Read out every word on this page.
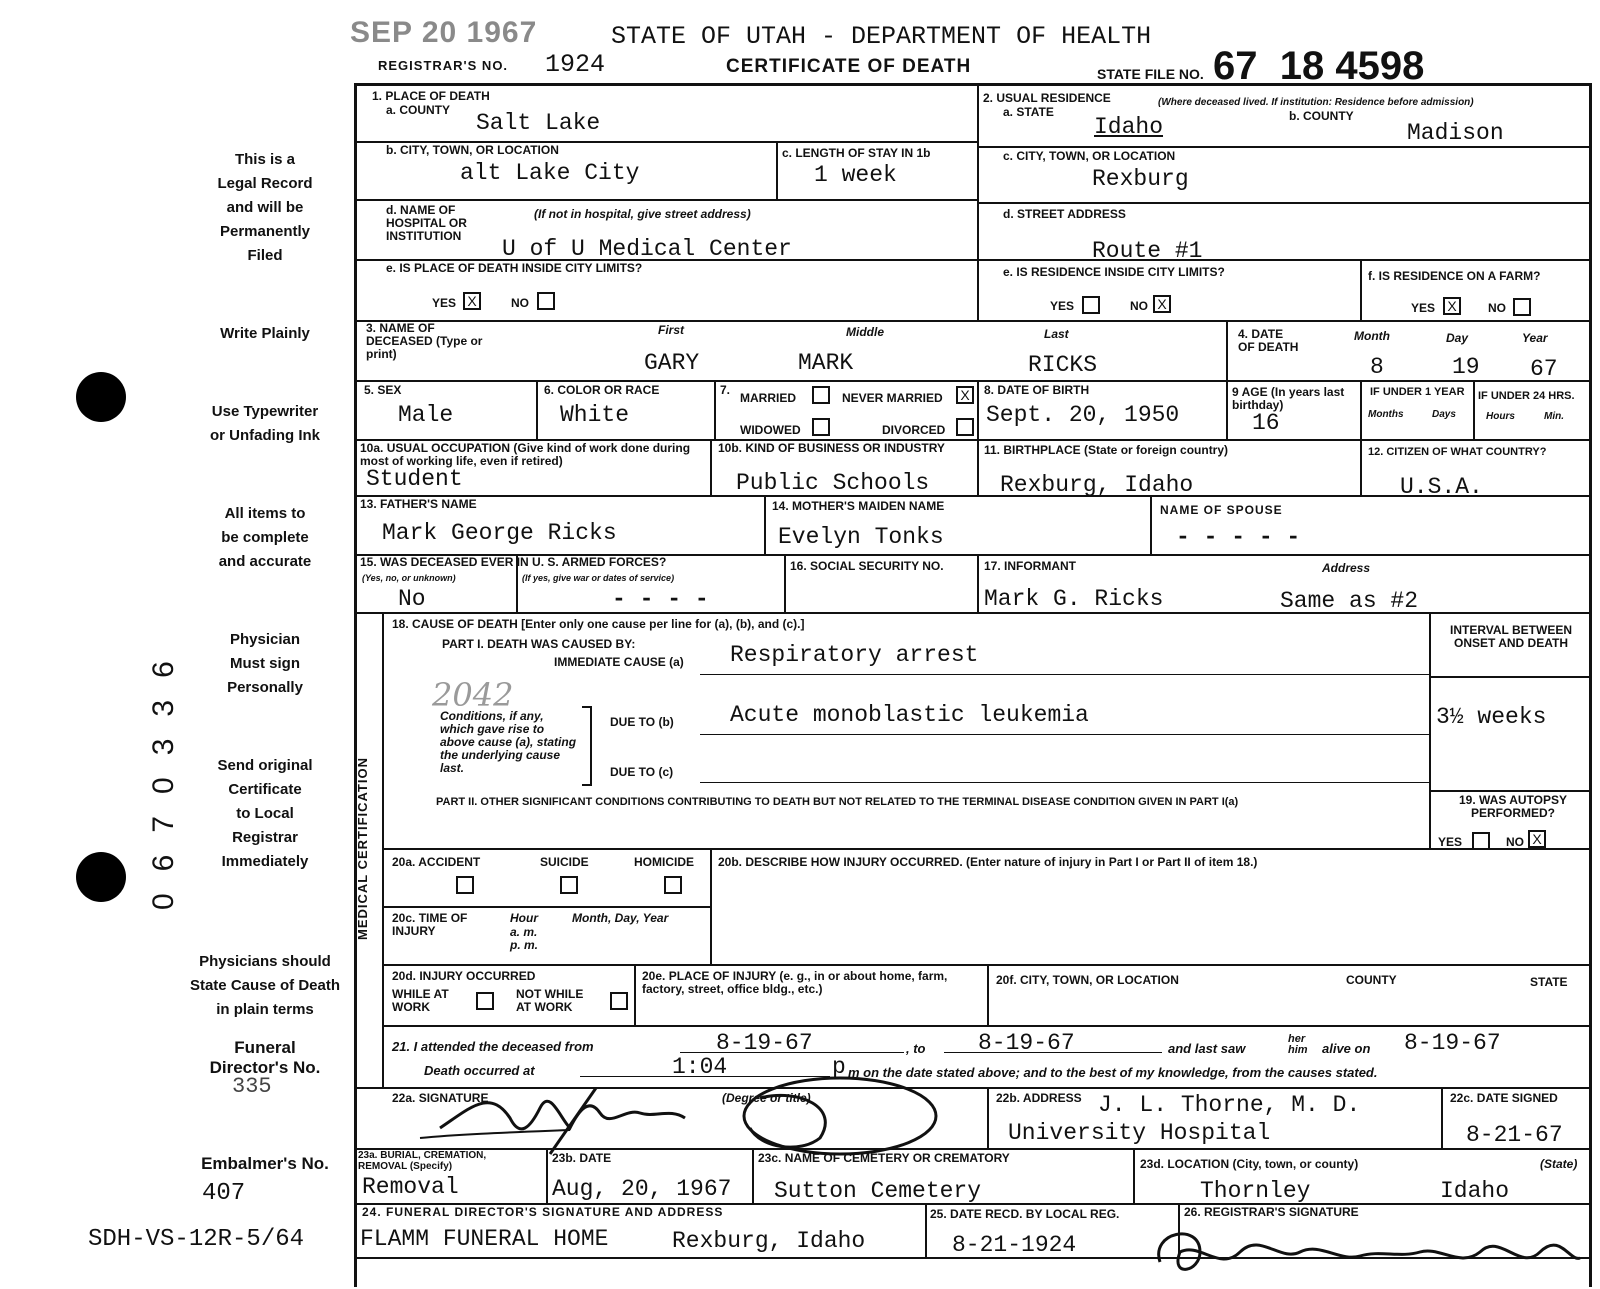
This is a
Legal Record
and will be
Permanently
Filed
Write Plainly
Use Typewriter
or Unfading Ink
All items to
be complete
and accurate
Physician
Must sign
Personally
Send original
Certificate
to Local
Registrar
Immediately
Physicians should
State Cause of Death
in plain terms
Funeral
Director's No.
335
Embalmer's No.
407
SDH-VS-12R-5/64
0670336
SEP 20 1967	STATE OF UTAH - DEPARTMENT OF HEALTH
REGISTRAR'S NO. 1924	CERTIFICATE OF DEATH	STATE FILE NO. 67  18 4598
1. PLACE OF DEATH
a. COUNTY Salt Lake
2. USUAL RESIDENCE	(Where deceased lived. If institution: Residence before admission)
a. STATE	b. COUNTY
Idaho	Madison
b. CITY, TOWN, OR LOCATION
alt Lake City
c. LENGTH OF STAY IN 1b
1 week
c. CITY, TOWN, OR LOCATION
Rexburg
d. NAME OF HOSPITAL OR INSTITUTION
(If not in hospital, give street address)
U of U Medical Center
d. STREET ADDRESS
Route #1
e. IS PLACE OF DEATH INSIDE CITY LIMITS?
YES X	NO
e. IS RESIDENCE INSIDE CITY LIMITS?
YES	NO X
f. IS RESIDENCE ON A FARM?
YES X	NO
3. NAME OF DECEASED (Type or print)
First	Middle	Last
GARY	MARK	RICKS
4. DATE OF DEATH
Month	Day	Year
8	19 67
5. SEX
Male
6. COLOR OR RACE
White
7.
MARRIED	NEVER MARRIED	X
WIDOWED	DIVORCED
8. DATE OF BIRTH
Sept. 20, 1950
9 AGE (In years last birthday)
16
IF UNDER 1 YEAR IF UNDER 24 HRS.
Months	Days	Hours	Min.
10a. USUAL OCCUPATION (Give kind of work done during most of working life, even if retired)
Student
10b. KIND OF BUSINESS OR INDUSTRY
Public Schools
11. BIRTHPLACE (State or foreign country)
Rexburg, Idaho
12. CITIZEN OF WHAT COUNTRY?
U.S.A.
13. FATHER'S NAME
Mark George Ricks
14. MOTHER'S MAIDEN NAME
Evelyn Tonks
NAME OF SPOUSE
- - - - -
15. WAS DECEASED EVER IN U. S. ARMED FORCES?
(Yes, no, or unknown)	(If yes, give war or dates of service)
No	- - - -
16. SOCIAL SECURITY NO.	17. INFORMANT	Address
Mark G. Ricks	Same as #2
MEDICAL CERTIFICATION
18. CAUSE OF DEATH [Enter only one cause per line for (a), (b), and (c).]
PART I. DEATH WAS CAUSED BY:
IMMEDIATE CAUSE (a) Respiratory arrest
2042
Conditions, if any, which gave rise to above cause (a), stating the underlying cause last.
DUE TO (b) Acute monoblastic leukemia
DUE TO (c)
INTERVAL BETWEEN ONSET AND DEATH
3½ weeks
PART II. OTHER SIGNIFICANT CONDITIONS CONTRIBUTING TO DEATH BUT NOT RELATED TO THE TERMINAL DISEASE CONDITION GIVEN IN PART I(a)	19. WAS AUTOPSY PERFORMED?
YES	NO X
20a. ACCIDENT	SUICIDE	HOMICIDE 20b. DESCRIBE HOW INJURY OCCURRED. (Enter nature of injury in Part I or Part II of item 18.)
20c. TIME OF INJURY
Hour
a. m.
p. m.
Month, Day, Year
20d. INJURY OCCURRED
WHILE AT WORK
NOT WHILE AT WORK
20e. PLACE OF INJURY (e. g., in or about home, farm, factory, street, office bldg., etc.)
20f. CITY, TOWN, OR LOCATION	COUNTY	STATE
21. I attended the deceased from	8-19-67	, to 8-19-67	and last saw
her
him alive on 8-19-67
Death occurred at	1:04	p m on the date stated above; and to the best of my knowledge, from the causes stated.
22a. SIGNATURE	(Degree or title)	22b. ADDRESS J. L. Thorne, M. D.
University Hospital
22c. DATE SIGNED
8-21-67
23a. BURIAL, CREMATION, REMOVAL (Specify)
Removal
23b. DATE
Aug, 20, 1967
23c. NAME OF CEMETERY OR CREMATORY
Sutton Cemetery
23d. LOCATION (City, town, or county)	(State)
Thornley	Idaho
24. FUNERAL DIRECTOR'S SIGNATURE AND ADDRESS
FLAMM FUNERAL HOME	Rexburg, Idaho
25. DATE RECD. BY LOCAL REG.
8-21-1924
26. REGISTRAR'S SIGNATURE
